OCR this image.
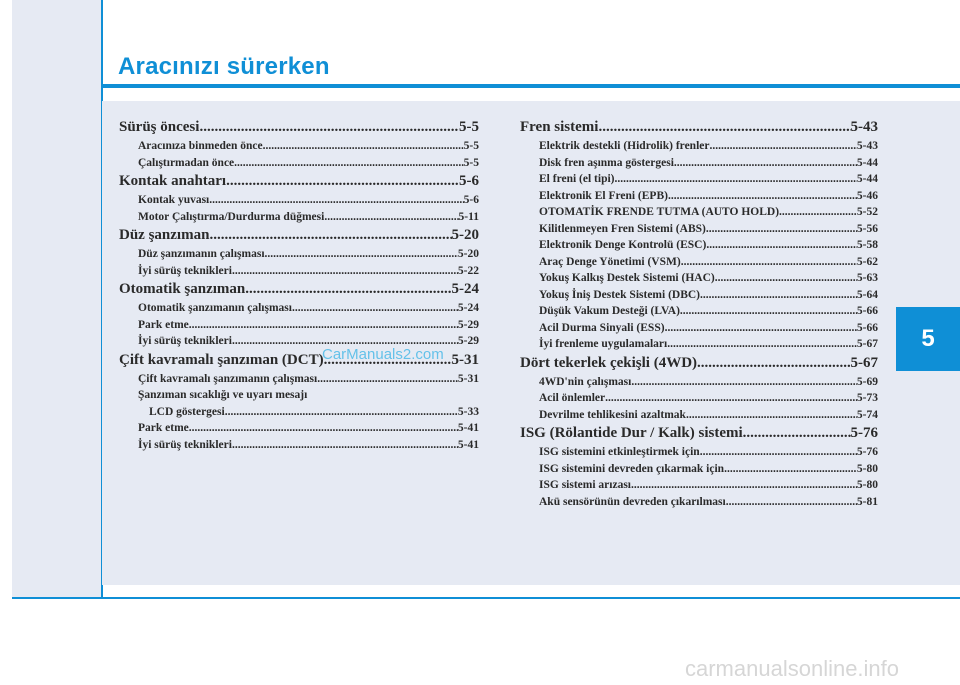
Aracınızı sürerken
5
Sürüş öncesi .....	5-5
Aracınıza binmeden önce .....	5-5
Çalıştırmadan önce .....	5-5
Kontak anahtarı .....	5-6
Kontak yuvası .....	5-6
Motor Çalıştırma/Durdurma düğmesi .....	5-11
Düz şanzıman .....	5-20
Düz şanzımanın çalışması .....	5-20
İyi sürüş teknikleri .....	5-22
Otomatik şanzıman .....	5-24
Otomatik şanzımanın çalışması .....	5-24
Park etme .....	5-29
İyi sürüş teknikleri .....	5-29
Çift kavramalı şanzıman (DCT) .....	5-31
Çift kavramalı şanzımanın çalışması .....	5-31
Şanzıman sıcaklığı ve uyarı mesajı
LCD göstergesi .....	5-33
Park etme .....	5-41
İyi sürüş teknikleri .....	5-41
Fren sistemi .....	5-43
Elektrik destekli (Hidrolik) frenler .....	5-43
Disk fren aşınma göstergesi .....	5-44
El freni (el tipi) .....	5-44
Elektronik El Freni (EPB) .....	5-46
OTOMATİK FRENDE TUTMA (AUTO HOLD) .....	5-52
Kilitlenmeyen Fren Sistemi (ABS) .....	5-56
Elektronik Denge Kontrolü (ESC) .....	5-58
Araç Denge Yönetimi (VSM) .....	5-62
Yokuş Kalkış Destek Sistemi (HAC) .....	5-63
Yokuş İniş Destek Sistemi (DBC) .....	5-64
Düşük Vakum Desteği (LVA) .....	5-66
Acil Durma Sinyali (ESS) .....	5-66
İyi frenleme uygulamaları .....	5-67
Dört tekerlek çekişli (4WD) .....	5-67
4WD'nin çalışması .....	5-69
Acil önlemler .....	5-73
Devrilme tehlikesini azaltmak .....	5-74
ISG (Rölantide Dur / Kalk) sistemi .....	5-76
ISG sistemini etkinleştirmek için .....	5-76
ISG sistemini devreden çıkarmak için .....	5-80
ISG sistemi arızası .....	5-80
Akü sensörünün devreden çıkarılması .....	5-81
CarManuals2.com
carmanualsonline.info
